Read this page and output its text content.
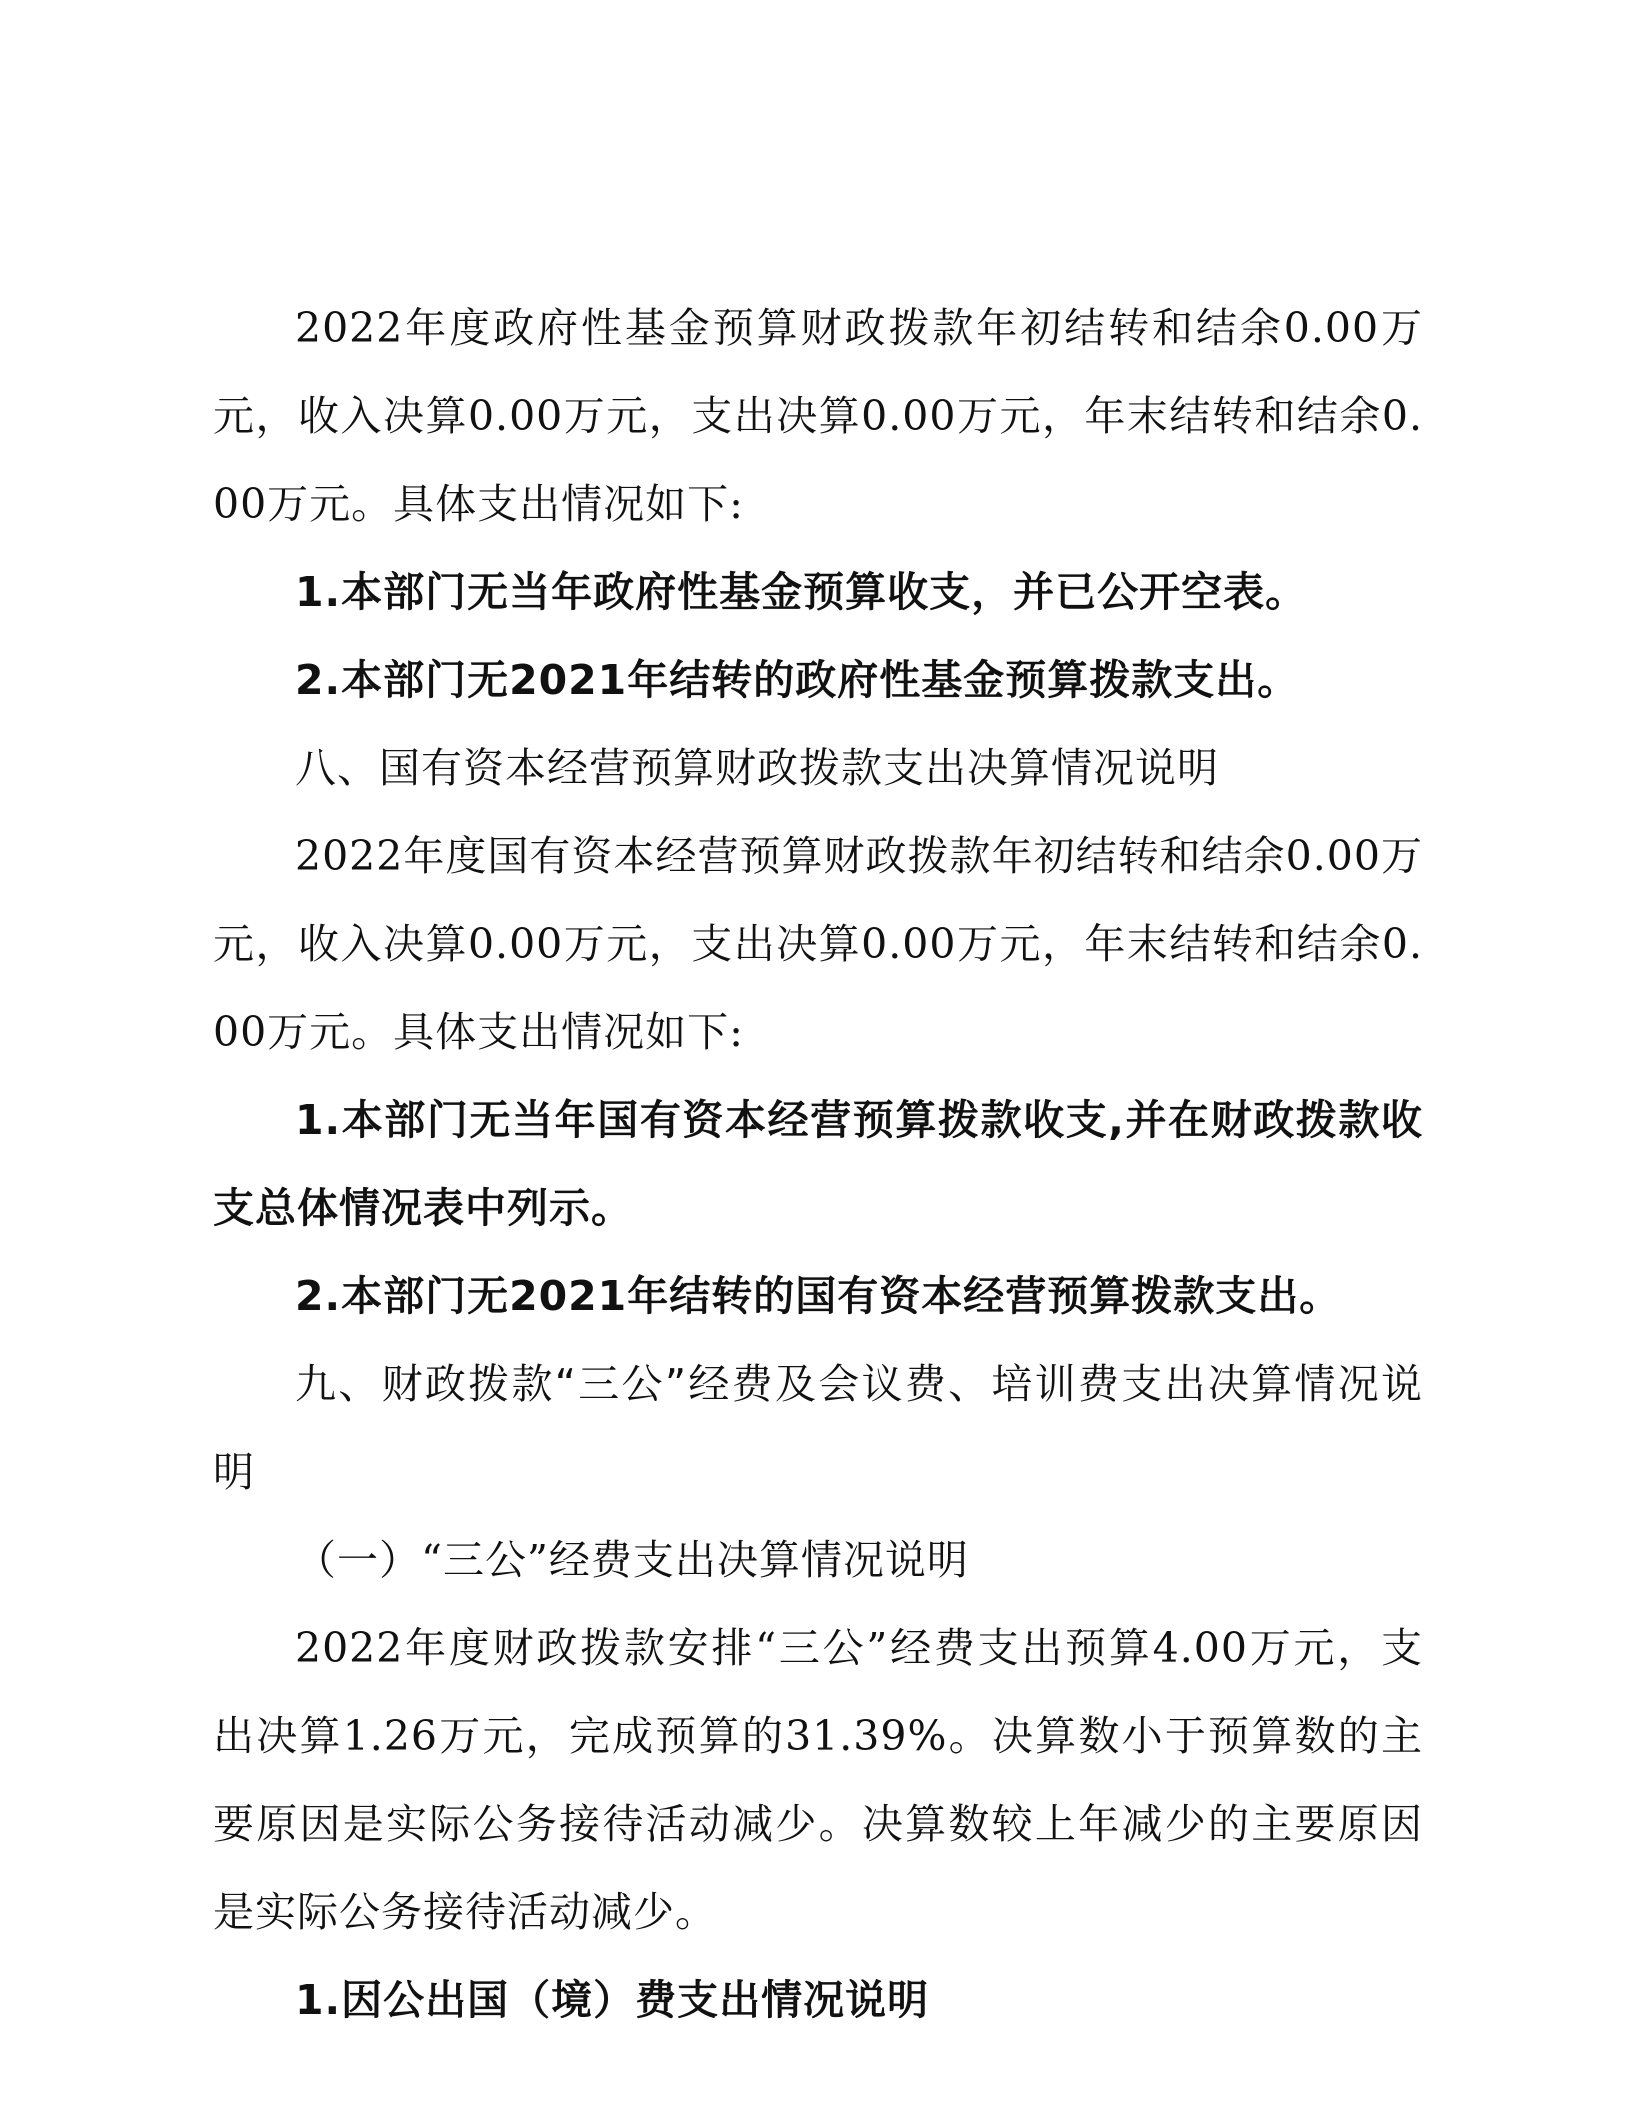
2022年度政府性基金预算财政拨款年初结转和结余0.00万元，收入决算0.00万元，支出决算0.00万元，年末结转和结余0.00万元。具体支出情况如下:

1.本部门无当年政府性基金预算收支，并已公开空表。

2.本部门无2021年结转的政府性基金预算拨款支出。

八、国有资本经营预算财政拨款支出决算情况说明

2022年度国有资本经营预算财政拨款年初结转和结余0.00万元，收入决算0.00万元，支出决算0.00万元，年末结转和结余0.00万元。具体支出情况如下:

1.本部门无当年国有资本经营预算拨款收支,并在财政拨款收支总体情况表中列示。

2.本部门无2021年结转的国有资本经营预算拨款支出。

九、财政拨款“三公”经费及会议费、培训费支出决算情况说明

（一）“三公”经费支出决算情况说明

2022年度财政拨款安排“三公”经费支出预算4.00万元，支出决算1.26万元，完成预算的31.39%。决算数小于预算数的主要原因是实际公务接待活动减少。决算数较上年减少的主要原因是实际公务接待活动减少。

1.因公出国（境）费支出情况说明
